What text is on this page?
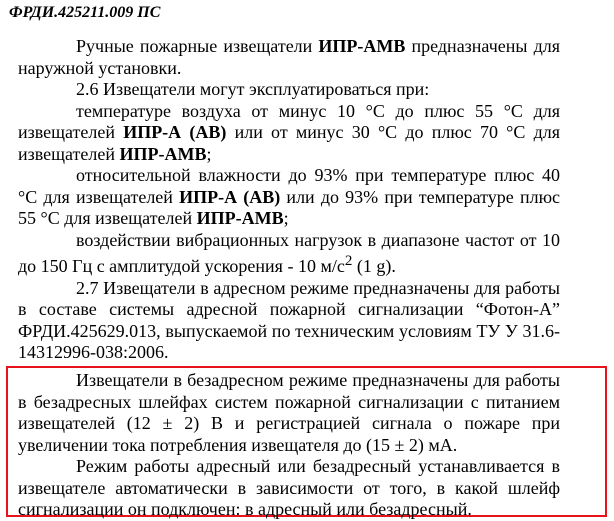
ФРДИ.425211.009 ПС

Ручные пожарные извещатели ИПР-АМВ предназначены для наружной установки.

2.6 Извещатели могут эксплуатироваться при:

температуре воздуха от минус 10 °С до плюс 55 °С для извещателей ИПР-А (АВ) или от минус 30 °С до плюс 70 °С для извещателей ИПР-АМВ;

относительной влажности до 93% при температуре плюс 40 °С для извещателей ИПР-А (АВ) или до 93% при температуре плюс 55 °С для извещателей ИПР-АМВ;

воздействии вибрационных нагрузок в диапазоне частот от 10 до 150 Гц с амплитудой ускорения - 10 $м/с^2$ (1 g).

2.7 Извещатели в адресном режиме предназначены для работы в составе системы адресной пожарной сигнализации “Фотон-А” ФРДИ.425629.013, выпускаемой по техническим условиям ТУ У 31.6-14312996-038:2006.

Извещатели в безадресном режиме предназначены для работы в безадресных шлейфах систем пожарной сигнализации с питанием извещателей (12 ± 2) В и регистрацией сигнала о пожаре при увеличении тока потребления извещателя до (15 ± 2) мА.

Режим работы адресный или безадресный устанавливается в извещателе автоматически в зависимости от того, в какой шлейф сигнализации он подключен: в адресный или безадресный.
